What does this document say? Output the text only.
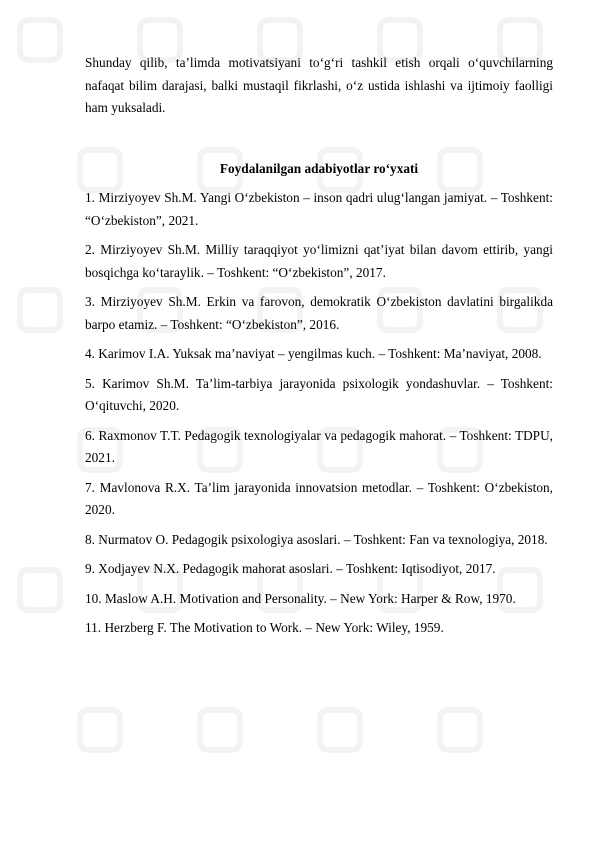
Shunday qilib, ta’limda motivatsiyani to‘g‘ri tashkil etish orqali o‘quvchilarning nafaqat bilim darajasi, balki mustaqil fikrlashi, o‘z ustida ishlashi va ijtimoiy faolligi ham yuksaladi.

Foydalanilgan adabiyotlar ro‘yxati

1. Mirziyoyev Sh.M. Yangi O‘zbekiston – inson qadri ulug‘langan jamiyat. – Toshkent: “O‘zbekiston”, 2021.

2. Mirziyoyev Sh.M. Milliy taraqqiyot yo‘limizni qat’iyat bilan davom ettirib, yangi bosqichga ko‘taraylik. – Toshkent: “O‘zbekiston”, 2017.

3. Mirziyoyev Sh.M. Erkin va farovon, demokratik O‘zbekiston davlatini birgalikda barpo etamiz. – Toshkent: “O‘zbekiston”, 2016.

4. Karimov I.A. Yuksak ma’naviyat – yengilmas kuch. – Toshkent: Ma’naviyat, 2008.

5. Karimov Sh.M. Ta’lim-tarbiya jarayonida psixologik yondashuvlar. – Toshkent: O‘qituvchi, 2020.

6. Raxmonov T.T. Pedagogik texnologiyalar va pedagogik mahorat. – Toshkent: TDPU, 2021.

7. Mavlonova R.X. Ta’lim jarayonida innovatsion metodlar. – Toshkent: O‘zbekiston, 2020.

8. Nurmatov O. Pedagogik psixologiya asoslari. – Toshkent: Fan va texnologiya, 2018.

9. Xodjayev N.X. Pedagogik mahorat asoslari. – Toshkent: Iqtisodiyot, 2017.

10. Maslow A.H. Motivation and Personality. – New York: Harper & Row, 1970.

11. Herzberg F. The Motivation to Work. – New York: Wiley, 1959.
